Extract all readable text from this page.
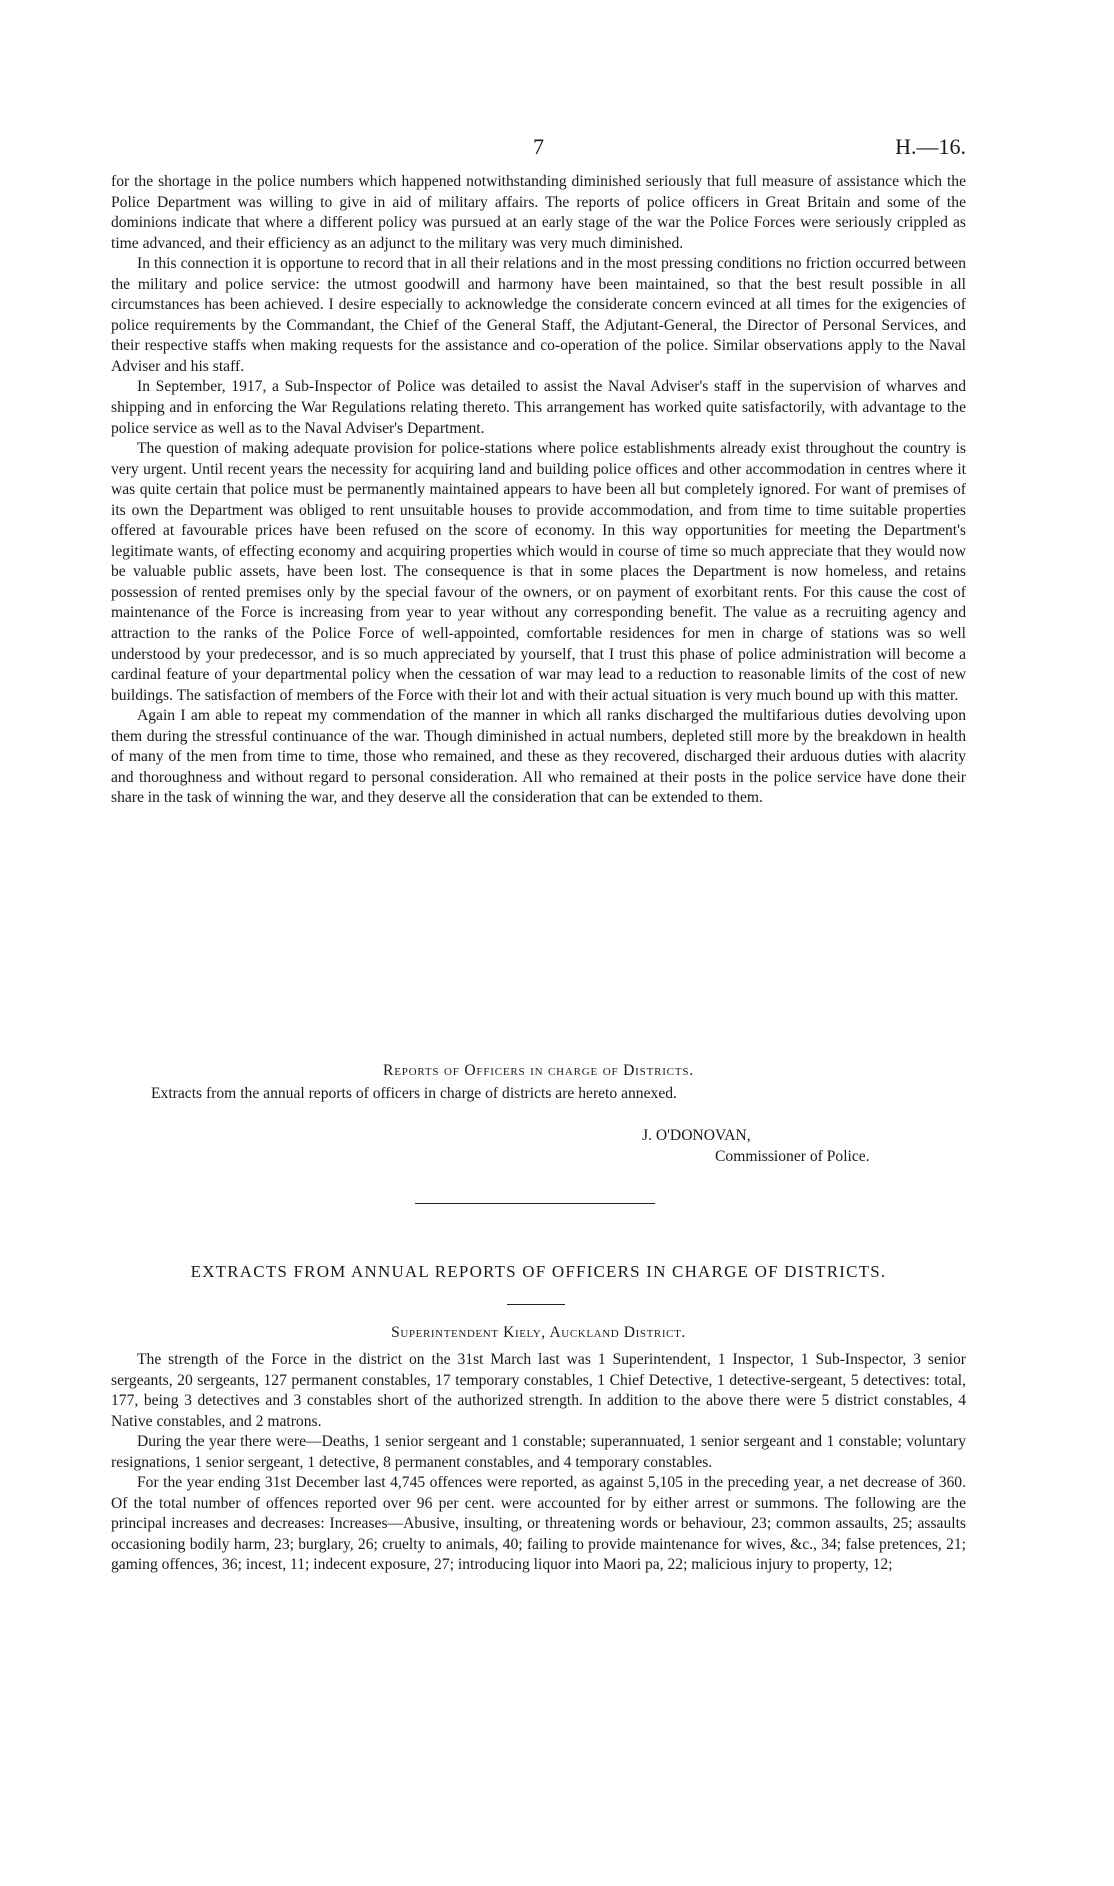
7	H.—16.

for the shortage in the police numbers which happened notwithstanding diminished seriously that full measure of assistance which the Police Department was willing to give in aid of military affairs. The reports of police officers in Great Britain and some of the dominions indicate that where a different policy was pursued at an early stage of the war the Police Forces were seriously crippled as time advanced, and their efficiency as an adjunct to the military was very much diminished.

In this connection it is opportune to record that in all their relations and in the most pressing conditions no friction occurred between the military and police service: the utmost goodwill and harmony have been maintained, so that the best result possible in all circumstances has been achieved. I desire especially to acknowledge the considerate concern evinced at all times for the exigencies of police requirements by the Commandant, the Chief of the General Staff, the Adjutant-General, the Director of Personal Services, and their respective staffs when making requests for the assistance and co-operation of the police. Similar observations apply to the Naval Adviser and his staff.

In September, 1917, a Sub-Inspector of Police was detailed to assist the Naval Adviser's staff in the supervision of wharves and shipping and in enforcing the War Regulations relating thereto. This arrangement has worked quite satisfactorily, with advantage to the police service as well as to the Naval Adviser's Department.

The question of making adequate provision for police-stations where police establishments already exist throughout the country is very urgent. Until recent years the necessity for acquiring land and building police offices and other accommodation in centres where it was quite certain that police must be permanently maintained appears to have been all but completely ignored. For want of premises of its own the Department was obliged to rent unsuitable houses to provide accommodation, and from time to time suitable properties offered at favourable prices have been refused on the score of economy. In this way opportunities for meeting the Department's legitimate wants, of effecting economy and acquiring properties which would in course of time so much appreciate that they would now be valuable public assets, have been lost. The consequence is that in some places the Department is now homeless, and retains possession of rented premises only by the special favour of the owners, or on payment of exorbitant rents. For this cause the cost of maintenance of the Force is increasing from year to year without any corresponding benefit. The value as a recruiting agency and attraction to the ranks of the Police Force of well-appointed, comfortable residences for men in charge of stations was so well understood by your predecessor, and is so much appreciated by yourself, that I trust this phase of police administration will become a cardinal feature of your departmental policy when the cessation of war may lead to a reduction to reasonable limits of the cost of new buildings. The satisfaction of members of the Force with their lot and with their actual situation is very much bound up with this matter.

Again I am able to repeat my commendation of the manner in which all ranks discharged the multifarious duties devolving upon them during the stressful continuance of the war. Though diminished in actual numbers, depleted still more by the breakdown in health of many of the men from time to time, those who remained, and these as they recovered, discharged their arduous duties with alacrity and thoroughness and without regard to personal consideration. All who remained at their posts in the police service have done their share in the task of winning the war, and they deserve all the consideration that can be extended to them.

Reports of Officers in charge of Districts.
Extracts from the annual reports of officers in charge of districts are hereto annexed.
J. O'DONOVAN,
Commissioner of Police.
EXTRACTS FROM ANNUAL REPORTS OF OFFICERS IN CHARGE OF DISTRICTS.
Superintendent Kiely, Auckland District.

The strength of the Force in the district on the 31st March last was 1 Superintendent, 1 Inspector, 1 Sub-Inspector, 3 senior sergeants, 20 sergeants, 127 permanent constables, 17 temporary constables, 1 Chief Detective, 1 detective-sergeant, 5 detectives: total, 177, being 3 detectives and 3 constables short of the authorized strength. In addition to the above there were 5 district constables, 4 Native constables, and 2 matrons.

During the year there were—Deaths, 1 senior sergeant and 1 constable; superannuated, 1 senior sergeant and 1 constable; voluntary resignations, 1 senior sergeant, 1 detective, 8 permanent constables, and 4 temporary constables.

For the year ending 31st December last 4,745 offences were reported, as against 5,105 in the preceding year, a net decrease of 360. Of the total number of offences reported over 96 per cent. were accounted for by either arrest or summons. The following are the principal increases and decreases: Increases—Abusive, insulting, or threatening words or behaviour, 23; common assaults, 25; assaults occasioning bodily harm, 23; burglary, 26; cruelty to animals, 40; failing to provide maintenance for wives, &c., 34; false pretences, 21; gaming offences, 36; incest, 11; indecent exposure, 27; introducing liquor into Maori pa, 22; malicious injury to property, 12;
